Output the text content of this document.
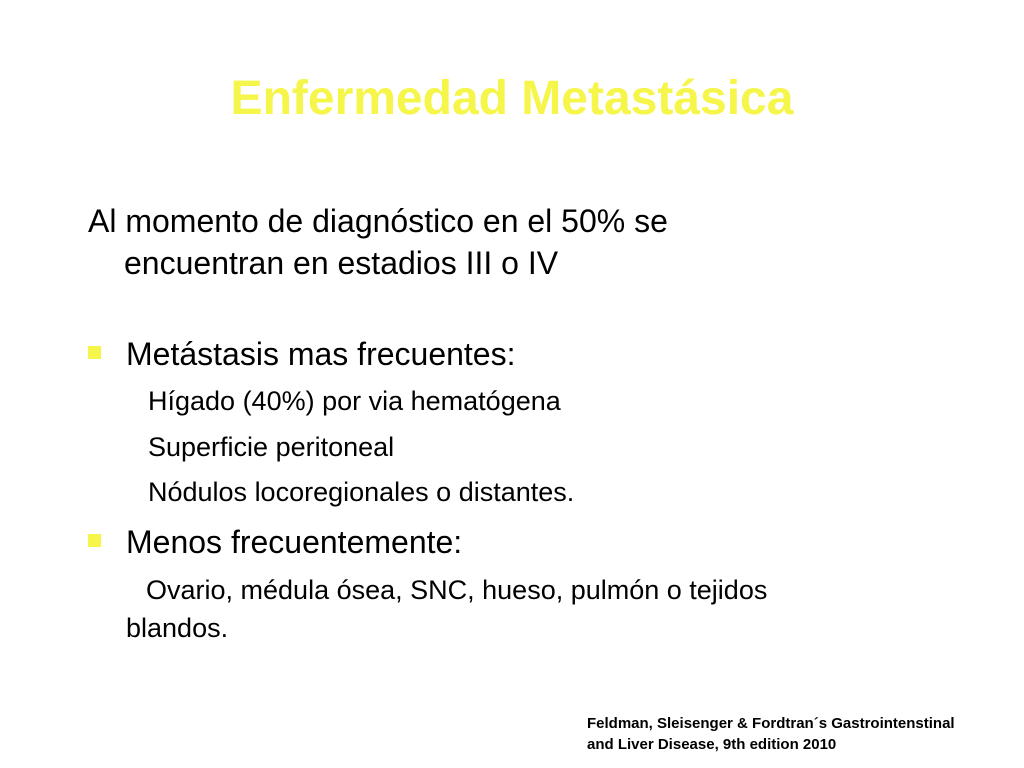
Enfermedad Metastásica
Al momento de diagnóstico en el 50% se
encuentran en estadios III o IV
Metástasis mas frecuentes:
Hígado (40%) por via hematógena
Superficie peritoneal
Nódulos locoregionales o distantes.
Menos frecuentemente:
Ovario, médula ósea, SNC, hueso, pulmón o tejidos
blandos.
Feldman, Sleisenger & Fordtran´s Gastrointenstinal
and Liver Disease, 9th edition 2010
